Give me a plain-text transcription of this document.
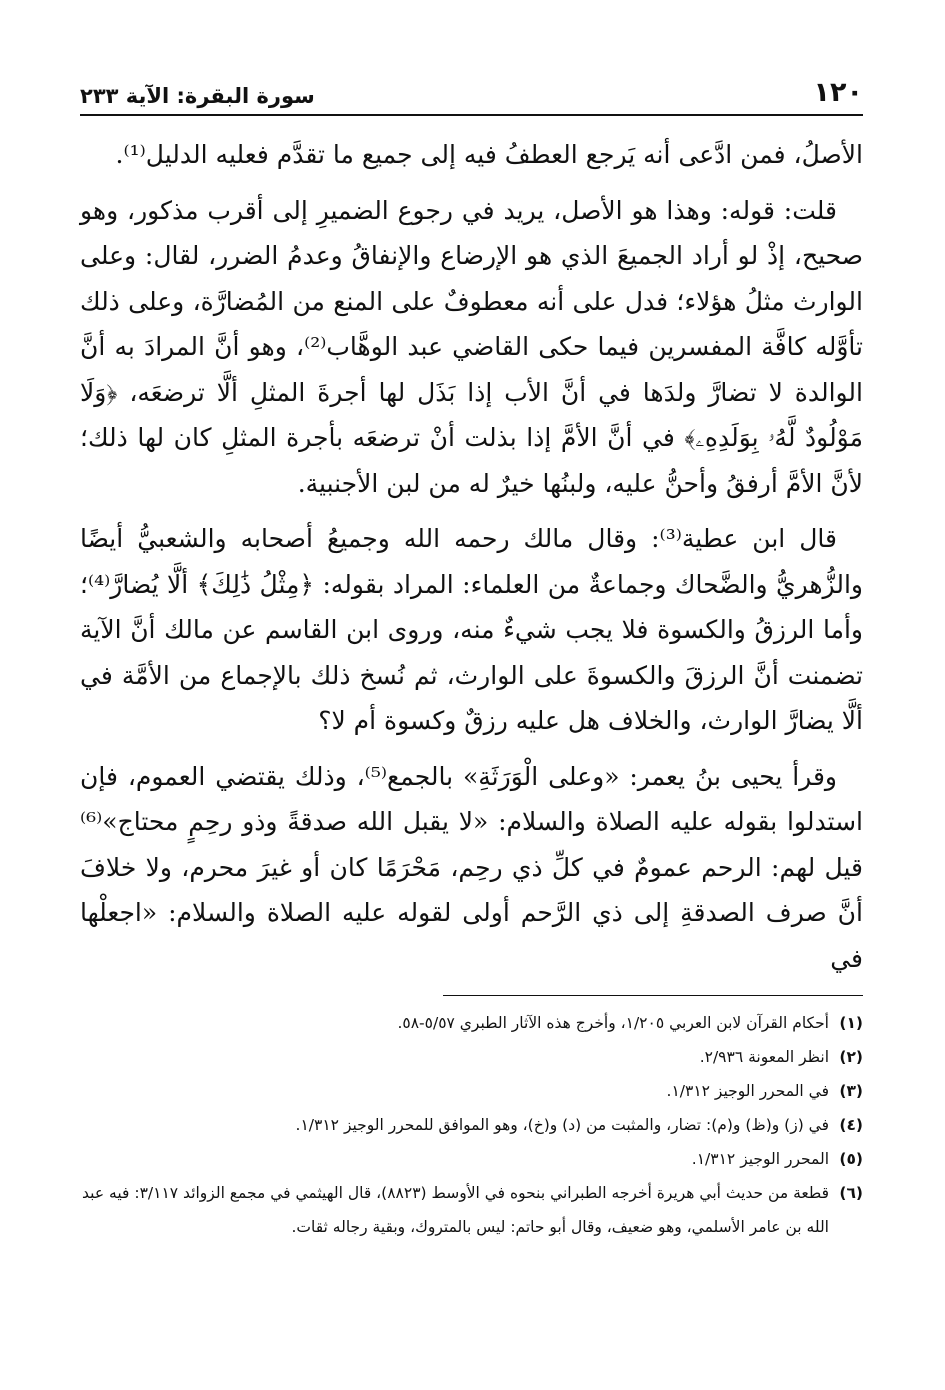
١٢٠
سورة البقرة: الآية ٢٣٣

الأصلُ، فمن ادَّعى أنه يَرجع العطفُ فيه إلى جميع ما تقدَّم فعليه الدليل⁽¹⁾.

قلت: قوله: وهذا هو الأصل، يريد في رجوع الضميرِ إلى أقرب مذكور، وهو صحيح، إذْ لو أراد الجميعَ الذي هو الإرضاع والإنفاقُ وعدمُ الضرر، لقال: وعلى الوارث مثلُ هؤلاء؛ فدل على أنه معطوفٌ على المنع من المُضارَّة، وعلى ذلك تأوَّله كافَّة المفسرين فيما حكى القاضي عبد الوهَّاب⁽²⁾، وهو أنَّ المرادَ به أنَّ الوالدة لا تضارَّ ولدَها في أنَّ الأب إذا بَذَل لها أجرةَ المثلِ ألَّا ترضعَه، ﴿وَلَا مَوْلُودٌ لَّهُۥ بِوَلَدِهِۦ﴾ في أنَّ الأمَّ إذا بذلت أنْ ترضعَه بأجرة المثلِ كان لها ذلك؛ لأنَّ الأمَّ أرفقُ وأحنُّ عليه، ولبنُها خيرٌ له من لبن الأجنبية.

قال ابن عطية⁽³⁾: وقال مالك رحمه الله وجميعُ أصحابه والشعبيُّ أيضًا والزُّهريُّ والضَّحاك وجماعةٌ من العلماء: المراد بقوله: ﴿مِثْلُ ذَٰلِكَ﴾ ألَّا يُضارَّ⁽⁴⁾؛ وأما الرزقُ والكسوة فلا يجب شيءٌ منه، وروى ابن القاسم عن مالك أنَّ الآية تضمنت أنَّ الرزقَ والكسوةَ على الوارث، ثم نُسخ ذلك بالإجماع من الأمَّة في ألَّا يضارَّ الوارث، والخلاف هل عليه رزقٌ وكسوة أم لا؟

وقرأ يحيى بنُ يعمر: «وعلى الْوَرَثَةِ» بالجمع⁽⁵⁾، وذلك يقتضي العموم، فإن استدلوا بقوله عليه الصلاة والسلام: «لا يقبل الله صدقةً وذو رحِمٍ محتاج»⁽⁶⁾ قيل لهم: الرحم عمومٌ في كلِّ ذي رحِم، مَحْرَمًا كان أو غيرَ محرم، ولا خلافَ أنَّ صرف الصدقةِ إلى ذي الرَّحم أولى لقوله عليه الصلاة والسلام: «اجعلْها في

(١)
أحكام القرآن لابن العربي ١/٢٠٥، وأخرج هذه الآثار الطبري ٥/٥٧-٥٨.
(٢)
انظر المعونة ٢/٩٣٦.
(٣)
في المحرر الوجيز ١/٣١٢.
(٤)
في (ز) و(ظ) و(م): تضار، والمثبت من (د) و(خ)، وهو الموافق للمحرر الوجيز ١/٣١٢.
(٥)
المحرر الوجيز ١/٣١٢.
(٦)
قطعة من حديث أبي هريرة أخرجه الطبراني بنحوه في الأوسط (٨٨٢٣)، قال الهيثمي في مجمع الزوائد ٣/١١٧: فيه عبد الله بن عامر الأسلمي، وهو ضعيف، وقال أبو حاتم: ليس بالمتروك، وبقية رجاله ثقات.
